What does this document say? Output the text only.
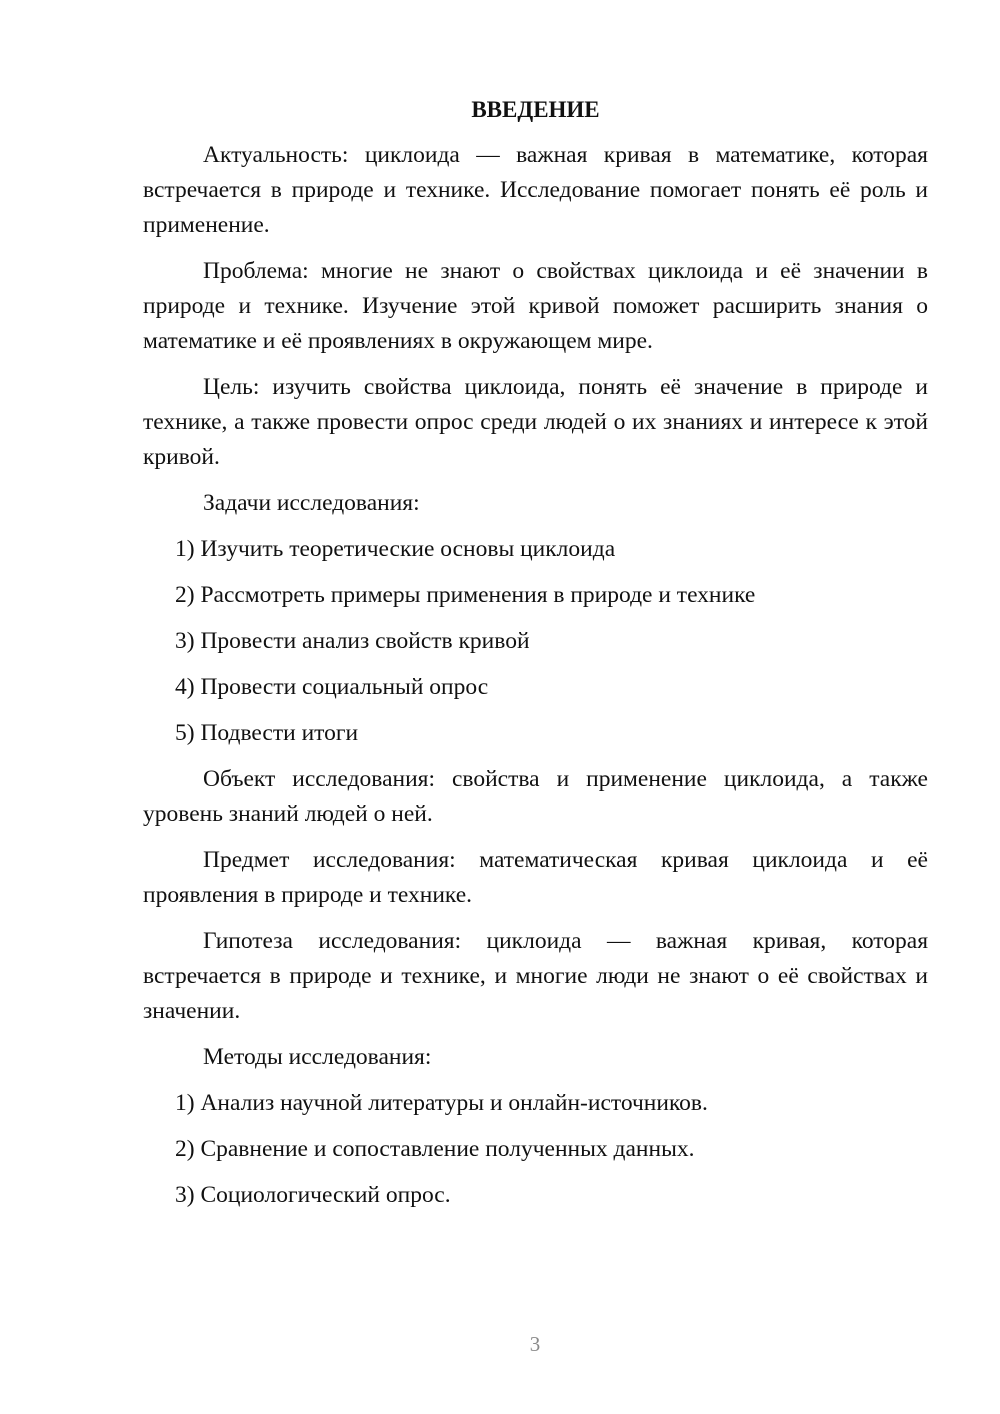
ВВЕДЕНИЕ
Актуальность: циклоида — важная кривая в математике, которая встречается в природе и технике. Исследование помогает понять её роль и применение.
Проблема: многие не знают о свойствах циклоида и её значении в природе и технике. Изучение этой кривой поможет расширить знания о математике и её проявлениях в окружающем мире.
Цель: изучить свойства циклоида, понять её значение в природе и технике, а также провести опрос среди людей о их знаниях и интересе к этой кривой.
Задачи исследования:
1) Изучить теоретические основы циклоида
2) Рассмотреть примеры применения в природе и технике
3) Провести анализ свойств кривой
4) Провести социальный опрос
5) Подвести итоги
Объект исследования: свойства и применение циклоида, а также уровень знаний людей о ней.
Предмет исследования: математическая кривая циклоида и её проявления в природе и технике.
Гипотеза исследования: циклоида — важная кривая, которая встречается в природе и технике, и многие люди не знают о её свойствах и значении.
Методы исследования:
1) Анализ научной литературы и онлайн-источников.
2) Сравнение и сопоставление полученных данных.
3) Социологический опрос.
3
